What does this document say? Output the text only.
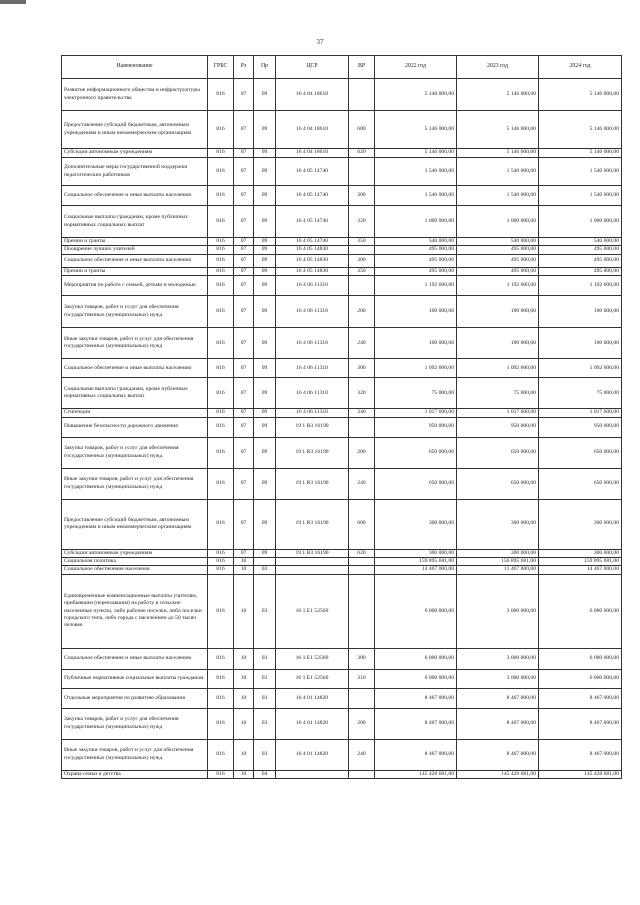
37
Наименование	ГРБС	Рз	Пр	ЦСР	ВР	2022 год	2023 год	2024 год
Развитие информационного общества и инфраструктуры электронного правительства	816	07	09	16 4 04 18610		5 146 000,00	5 146 000,00	5 146 000,00
Предоставление субсидий бюджетным, автономным учреждениям и иным некоммерческим организациям	816	07	09	16 4 04 18610	600	5 146 000,00	5 146 000,00	5 146 000,00
Субсидии автономным учреждениям	816	07	09	16 4 04 18610	620	5 146 000,00	5 146 000,00	5 146 000,00
Дополнительные меры государственной поддержки педагогических работников	816	07	09	16 4 05 14740		1 540 000,00	1 540 000,00	1 540 000,00
Социальное обеспечение и иные выплаты населению	816	07	09	16 4 05 14740	300	1 540 000,00	1 540 000,00	1 540 000,00
Социальные выплаты гражданам, кроме публичных нормативных социальных выплат	816	07	09	16 4 05 14740	320	1 000 000,00	1 000 000,00	1 000 000,00
Премии и гранты	816	07	09	16 4 05 14740	350	540 000,00	540 000,00	540 000,00
Поощрение лучших учителей	816	07	09	16 4 05 14830		495 000,00	495 000,00	495 000,00
Социальное обеспечение и иные выплаты населению	816	07	09	16 4 05 14830	300	495 000,00	495 000,00	495 000,00
Премии и гранты	816	07	09	16 4 05 14830	350	495 000,00	495 000,00	495 000,00
Мероприятия по работе с семьей, детьми и молодежью	816	07	09	16 4 06 11310		1 192 600,00	1 192 600,00	1 192 600,00
Закупка товаров, работ и услуг для обеспечения государственных (муниципальных) нужд	816	07	09	16 4 06 11310	200	100 000,00	100 000,00	100 000,00
Иные закупки товаров, работ и услуг для обеспечения государственных (муниципальных) нужд	816	07	09	16 4 06 11310	240	100 000,00	100 000,00	100 000,00
Социальное обеспечение и иные выплаты населению	816	07	09	16 4 06 11310	300	1 092 600,00	1 092 600,00	1 092 600,00
Социальные выплаты гражданам, кроме публичных нормативных социальных выплат	816	07	09	16 4 06 11310	320	75 000,00	75 000,00	75 000,00
Стипендии	816	07	09	16 4 06 11310	340	1 017 600,00	1 017 600,00	1 017 600,00
Повышение безопасности дорожного движения	816	07	09	19 1 R3 16190		950 000,00	950 000,00	950 000,00
Закупка товаров, работ и услуг для обеспечения государственных (муниципальных) нужд	816	07	09	19 1 R3 16190	200	650 000,00	650 000,00	650 000,00
Иные закупки товаров, работ и услуг для обеспечения государственных (муниципальных) нужд	816	07	09	19 1 R3 16190	240	650 000,00	650 000,00	650 000,00
Предоставление субсидий бюджетным, автономным учреждениям и иным некоммерческим организациям	816	07	09	19 1 R3 16190	600	300 000,00	300 000,00	300 000,00
Субсидии автономным учреждениям	816	07	09	19 1 R3 16190	620	300 000,00	300 000,00	300 000,00
Социальная политика	816	10				159 895 681,00	156 895 681,00	159 895 681,00
Социальное обеспечение населения	816	10	03			14 467 000,00	11 467 000,00	14 467 000,00
Единовременные компенсационные выплаты учителям, прибывшим (переехавшим) на работу в сельские населенные пункты, либо рабочие поселки, либо поселки городского типа, либо города с населением до 50 тысяч человек	816	10	03	16 1 E1 52560		6 000 000,00	3 000 000,00	6 000 000,00
Социальное обеспечение и иные выплаты населению	816	10	03	16 1 E1 52560	300	6 000 000,00	3 000 000,00	6 000 000,00
Публичные нормативные социальные выплаты гражданам	816	10	03	16 1 E1 52560	310	6 000 000,00	3 000 000,00	6 000 000,00
Отдельные мероприятия по развитию образования	816	10	03	16 4 01 14820		8 467 000,00	8 467 000,00	8 467 000,00
Закупка товаров, работ и услуг для обеспечения государственных (муниципальных) нужд	816	10	03	16 4 01 14820	200	8 467 000,00	8 467 000,00	8 467 000,00
Иные закупки товаров, работ и услуг для обеспечения государственных (муниципальных) нужд	816	10	03	16 4 01 14820	240	8 467 000,00	8 467 000,00	8 467 000,00
Охрана семьи и детства	816	10	04			145 428 681,00	145 428 681,00	145 428 681,00
